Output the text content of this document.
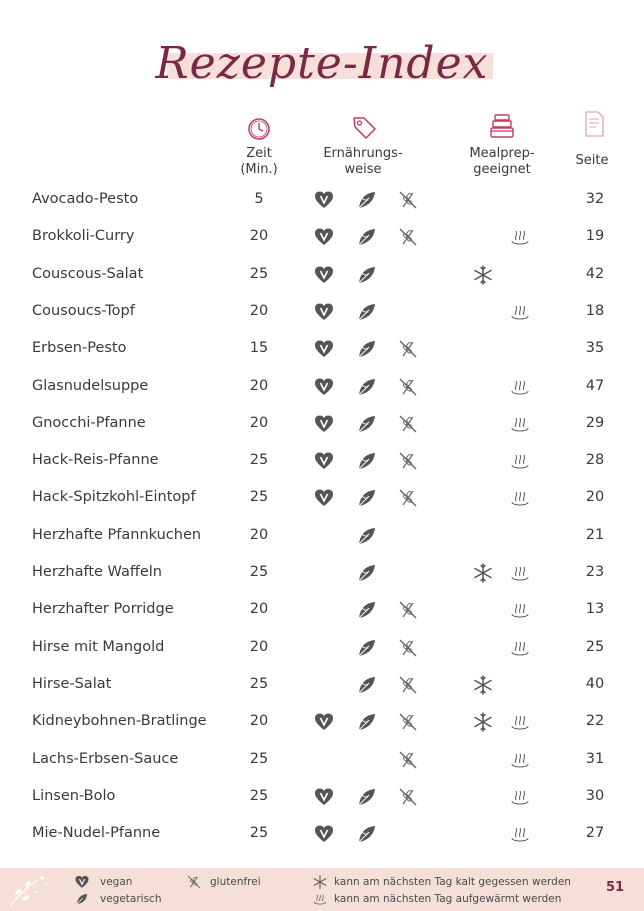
Rezepte-Index
Zeit
(Min.)
Ernährungs-
weise
Mealprep-
geeignet
Seite
Avocado-Pesto	5	32
Brokkoli-Curry	20	19
Couscous-Salat	25	42
Cousoucs-Topf	20	18
Erbsen-Pesto	15	35
Glasnudelsuppe	20	47
Gnocchi-Pfanne	20	29
Hack-Reis-Pfanne	25	28
Hack-Spitzkohl-Eintopf	25	20
Herzhafte Pfannkuchen	20	21
Herzhafte Waffeln	25	23
Herzhafter Porridge	20	13
Hirse mit Mangold	20	25
Hirse-Salat	25	40
Kidneybohnen-Bratlinge	20	22
Lachs-Erbsen-Sauce	25	31
Linsen-Bolo	25	30
Mie-Nudel-Pfanne	25	27
vegan
vegetarisch
glutenfrei	kann am nächsten Tag kalt gegessen werden
kann am nächsten Tag aufgewärmt werden
51
